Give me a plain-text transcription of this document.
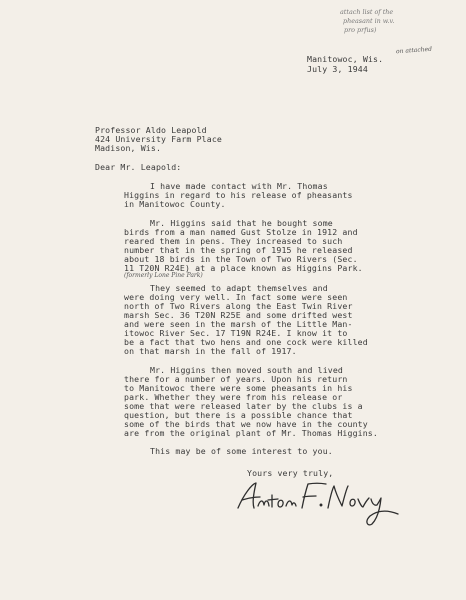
attach list of the
pheasant in w.v.
pro prfus)
on attached
Manitowoc, Wis.
July 3, 1944
Professor Aldo Leapold
424 University Farm Place
Madison, Wis.
Dear Mr. Leapold:
I have made contact with Mr. Thomas
Higgins in regard to his release of pheasants
in Manitowoc County.
Mr. Higgins said that he bought some
birds from a man named Gust Stolze in 1912 and
reared them in pens. They increased to such
number that in the spring of 1915 he released
about 18 birds in the Town of Two Rivers (Sec.
11 T20N R24E) at a place known as Higgins Park.
(formerly Lone Pine Park)
They seemed to adapt themselves and
were doing very well. In fact some were seen
north of Two Rivers along the East Twin River
marsh Sec. 36 T20N R25E and some drifted west
and were seen in the marsh of the Little Man-
itowoc River Sec. 17 T19N R24E. I know it to
be a fact that two hens and one cock were killed
on that marsh in the fall of 1917.
Mr. Higgins then moved south and lived
there for a number of years. Upon his return
to Manitowoc there were some pheasants in his
park. Whether they were from his release or
some that were released later by the clubs is a
question, but there is a possible chance that
some of the birds that we now have in the county
are from the original plant of Mr. Thomas Higgins.
This may be of some interest to you.
Yours very truly,
